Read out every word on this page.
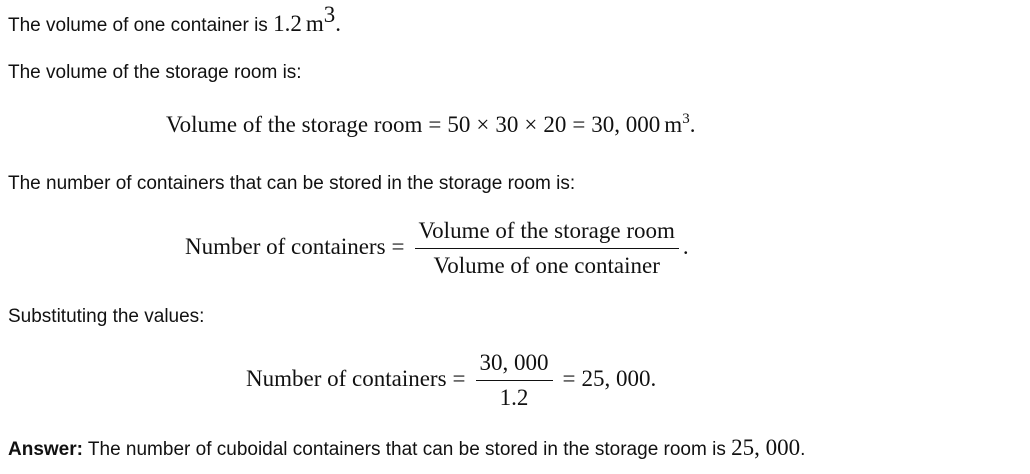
The volume of one container is 1.2 $m^3$.
The volume of the storage room is:
Volume of the storage room = 50 × 30 × 20 = 30, 000 $m^3$.
The number of containers that can be stored in the storage room is:
Number of containers = $\frac{\text{Volume of the storage room}}{\text{Volume of one container}}$ .
Substituting the values:
Number of containers = $\frac{30, 000}{1.2} = 25$, 000.
Answer: The number of cuboidal containers that can be stored in the storage room is 25, 000.
